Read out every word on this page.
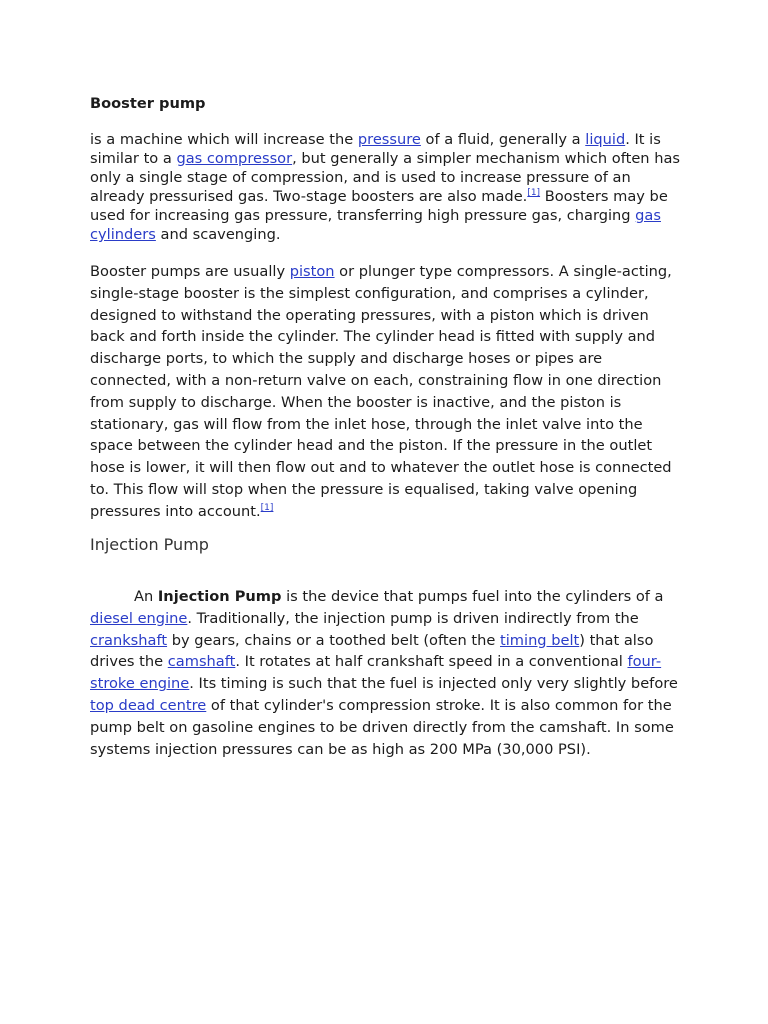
Booster pump
is a machine which will increase the pressure of a fluid, generally a liquid. It is similar to a gas compressor, but generally a simpler mechanism which often has only a single stage of compression, and is used to increase pressure of an already pressurised gas. Two-stage boosters are also made.[1] Boosters may be used for increasing gas pressure, transferring high pressure gas, charging gas cylinders and scavenging.
Booster pumps are usually piston or plunger type compressors. A single-acting, single-stage booster is the simplest configuration, and comprises a cylinder, designed to withstand the operating pressures, with a piston which is driven back and forth inside the cylinder. The cylinder head is fitted with supply and discharge ports, to which the supply and discharge hoses or pipes are connected, with a non-return valve on each, constraining flow in one direction from supply to discharge. When the booster is inactive, and the piston is stationary, gas will flow from the inlet hose, through the inlet valve into the space between the cylinder head and the piston. If the pressure in the outlet hose is lower, it will then flow out and to whatever the outlet hose is connected to. This flow will stop when the pressure is equalised, taking valve opening pressures into account.[1]
Injection Pump
An Injection Pump is the device that pumps fuel into the cylinders of a diesel engine. Traditionally, the injection pump is driven indirectly from the crankshaft by gears, chains or a toothed belt (often the timing belt) that also drives the camshaft. It rotates at half crankshaft speed in a conventional four-stroke engine. Its timing is such that the fuel is injected only very slightly before top dead centre of that cylinder's compression stroke. It is also common for the pump belt on gasoline engines to be driven directly from the camshaft. In some systems injection pressures can be as high as 200 MPa (30,000 PSI).
